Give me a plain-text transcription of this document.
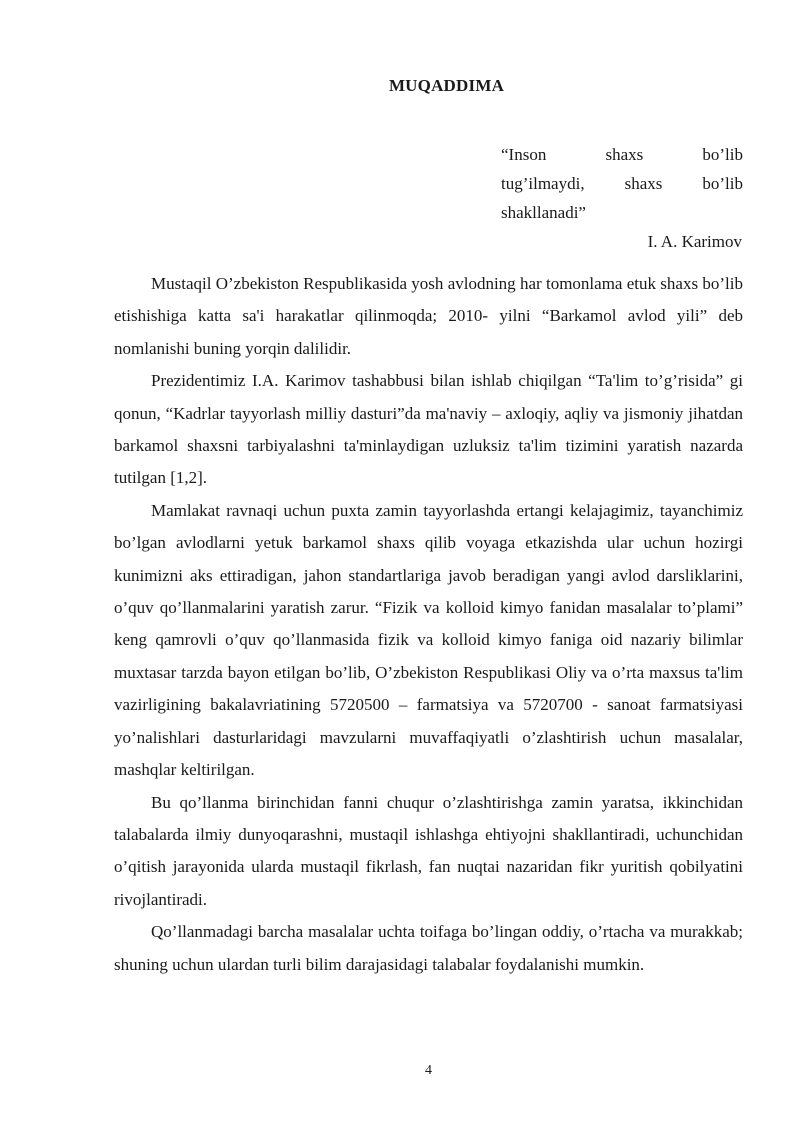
MUQADDIMA
“Inson shaxs bo’lib
tug’ilmaydi, shaxs bo’lib
shakllanadi”
I. A. Karimov

Mustaqil O’zbekiston Respublikasida yosh avlodning har tomonlama etuk shaxs bo’lib etishishiga katta sa'i harakatlar qilinmoqda; 2010- yilni “Barkamol avlod yili” deb nomlanishi buning yorqin dalilidir.

Prezidentimiz I.A. Karimov tashabbusi bilan ishlab chiqilgan “Ta'lim to’g’risida” gi qonun, “Kadrlar tayyorlash milliy dasturi”da ma'naviy – axloqiy, aqliy va jismoniy jihatdan barkamol shaxsni tarbiyalashni ta'minlaydigan uzluksiz ta'lim tizimini yaratish nazarda tutilgan [1,2].

Mamlakat ravnaqi uchun puxta zamin tayyorlashda ertangi kelajagimiz, tayanchimiz bo’lgan avlodlarni yetuk barkamol shaxs qilib voyaga etkazishda ular uchun hozirgi kunimizni aks ettiradigan, jahon standartlariga javob beradigan yangi avlod darsliklarini, o’quv qo’llanmalarini yaratish zarur. “Fizik va kolloid kimyo fanidan masalalar to’plami” keng qamrovli o’quv qo’llanmasida fizik va kolloid kimyo faniga oid nazariy bilimlar muxtasar tarzda bayon etilgan bo’lib, O’zbekiston Respublikasi Oliy va o’rta maxsus ta'lim vazirligining bakalavriatining 5720500 – farmatsiya va 5720700 - sanoat farmatsiyasi yo’nalishlari dasturlaridagi mavzularni muvaffaqiyatli o’zlashtirish uchun masalalar, mashqlar keltirilgan.

Bu qo’llanma birinchidan fanni chuqur o’zlashtirishga zamin yaratsa, ikkinchidan talabalarda ilmiy dunyoqarashni, mustaqil ishlashga ehtiyojni shakllantiradi, uchunchidan o’qitish jarayonida ularda mustaqil fikrlash, fan nuqtai nazaridan fikr yuritish qobilyatini rivojlantiradi.

Qo’llanmadagi barcha masalalar uchta toifaga bo’lingan oddiy, o’rtacha va murakkab; shuning uchun ulardan turli bilim darajasidagi talabalar foydalanishi mumkin.

4
